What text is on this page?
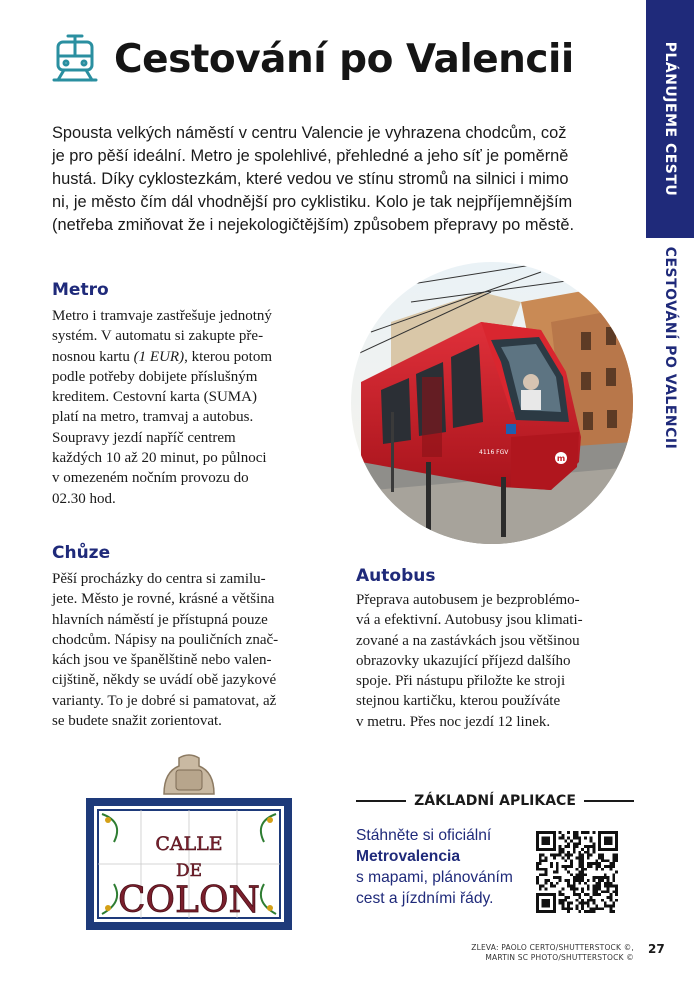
Cestování po Valencii	PLÁNUJEME CESTU
CESTOVÁNÍ PO VALENCII
Spousta velkých náměstí v centru Valencie je vyhrazena chodcům, což
je pro pěší ideální. Metro je spolehlivé, přehledné a jeho síť je poměrně
hustá. Díky cyklostezkám, které vedou ve stínu stromů na silnici i mimo
ni, je město čím dál vhodnější pro cyklistiku. Kolo je tak nejpříjemnějším
(netřeba zmiňovat že i nejekologičtějším) způsobem přepravy po městě.
Metro
Metro i tramvaje zastřešuje jednotný
systém. V automatu si zakupte pře-
nosnou kartu (1 EUR), kterou potom
podle potřeby dobijete příslušným
kreditem. Cestovní karta (SUMA)
platí na metro, tramvaj a autobus.
Soupravy jezdí napříč centrem
každých 10 až 20 minut, po půlnoci
v omezeném nočním provozu do
02.30 hod.
m
4116 FGV
Chůze
Pěší procházky do centra si zamilu-
jete. Město je rovné, krásné a většina
hlavních náměstí je přístupná pouze
chodcům. Nápisy na pouličních znač-
kách jsou ve španělštině nebo valen-
cijštině, někdy se uvádí obě jazykové
varianty. To je dobré si pamatovat, až
se budete snažit zorientovat.
Autobus
Přeprava autobusem je bezproblémo-
vá a efektivní. Autobusy jsou klimati-
zované a na zastávkách jsou většinou
obrazovky ukazující příjezd dalšího
spoje. Při nástupu přiložte ke stroji
stejnou kartičku, kterou používáte
v metru. Přes noc jezdí 12 linek.
CALLE
DE
COLON
ZÁKLADNÍ APLIKACE
Stáhněte si oficiální
Metrovalencia
s mapami, plánováním
cest a jízdními řády.
ZLEVA: PAOLO CERTO/SHUTTERSTOCK ©,
MARTIN SC PHOTO/SHUTTERSTOCK ©
27
